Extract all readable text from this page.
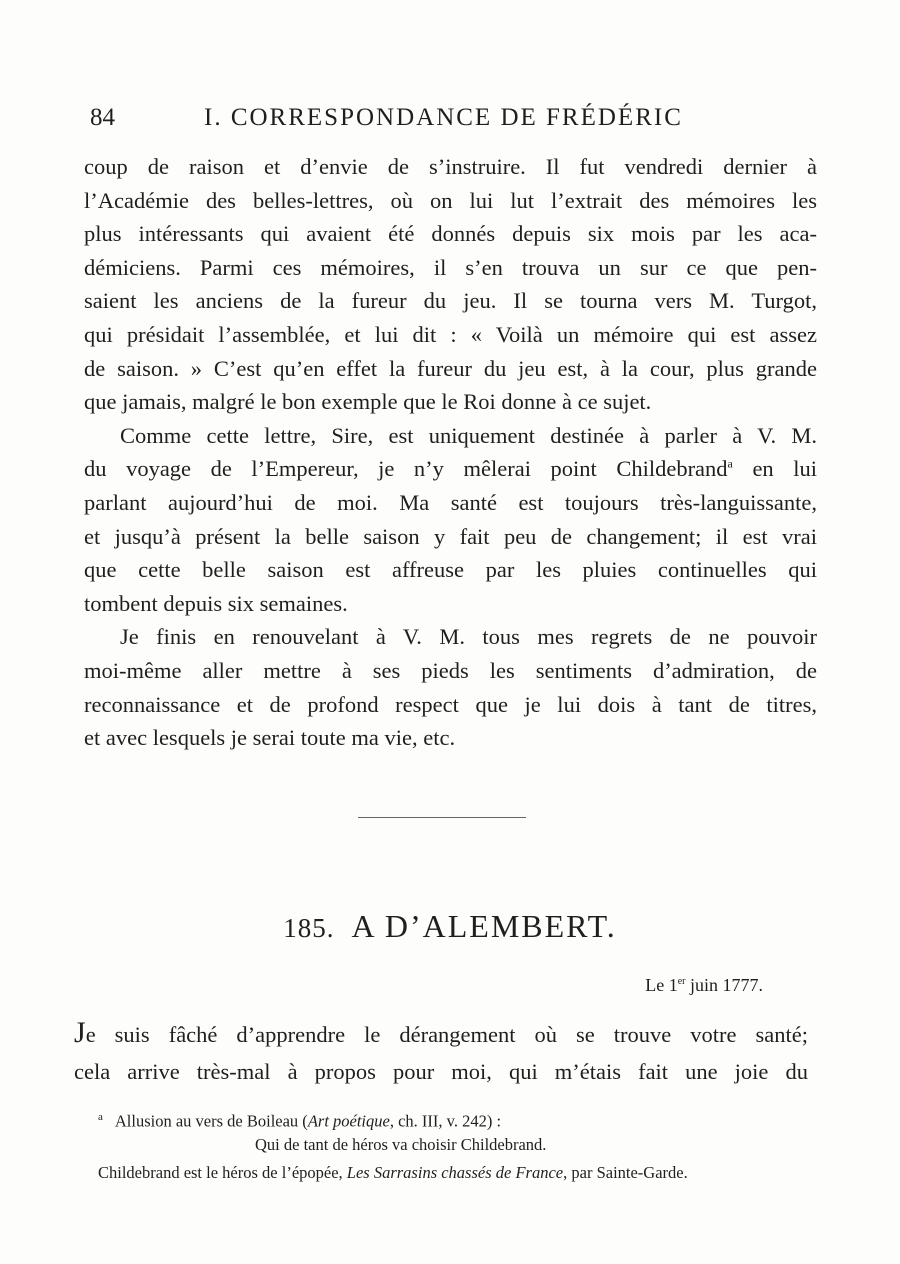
84	I. CORRESPONDANCE DE FRÉDÉRIC

coup de raison et d’envie de s’instruire. Il fut vendredi dernier à
l’Académie des belles-lettres, où on lui lut l’extrait des mémoires les
plus intéressants qui avaient été donnés depuis six mois par les aca-
démiciens. Parmi ces mémoires, il s’en trouva un sur ce que pen-
saient les anciens de la fureur du jeu. Il se tourna vers M. Turgot,
qui présidait l’assemblée, et lui dit : « Voilà un mémoire qui est assez
de saison. » C’est qu’en effet la fureur du jeu est, à la cour, plus grande
que jamais, malgré le bon exemple que le Roi donne à ce sujet.

Comme cette lettre, Sire, est uniquement destinée à parler à V. M.
du voyage de l’Empereur, je n’y mêlerai point Childebrand$^a$ en lui
parlant aujourd’hui de moi. Ma santé est toujours très-languissante,
et jusqu’à présent la belle saison y fait peu de changement; il est vrai
que cette belle saison est affreuse par les pluies continuelles qui
tombent depuis six semaines.

Je finis en renouvelant à V. M. tous mes regrets de ne pouvoir
moi-même aller mettre à ses pieds les sentiments d’admiration, de
reconnaissance et de profond respect que je lui dois à tant de titres,
et avec lesquels je serai toute ma vie, etc.

185. A D’ALEMBERT.
Le 1er juin 1777.
Je suis fâché d’apprendre le dérangement où se trouve votre santé;
cela arrive très-mal à propos pour moi, qui m’étais fait une joie du
$^a$ Allusion au vers de Boileau (Art poétique, ch. III, v. 242) :
Qui de tant de héros va choisir Childebrand.
Childebrand est le héros de l’épopée, Les Sarrasins chassés de France, par Sainte-Garde.
